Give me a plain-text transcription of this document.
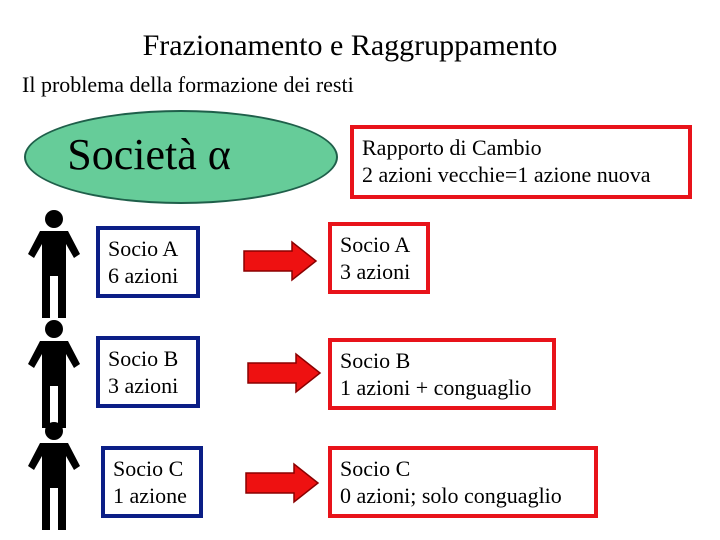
Frazionamento e Raggruppamento
Il problema della formazione dei resti
Società α	Rapporto di Cambio
2 azioni vecchie=1 azione nuova
Socio A
6 azioni
Socio A
3 azioni
Socio B
3 azioni
Socio B
1 azioni + conguaglio
Socio C
1 azione
Socio C
0 azioni; solo conguaglio
